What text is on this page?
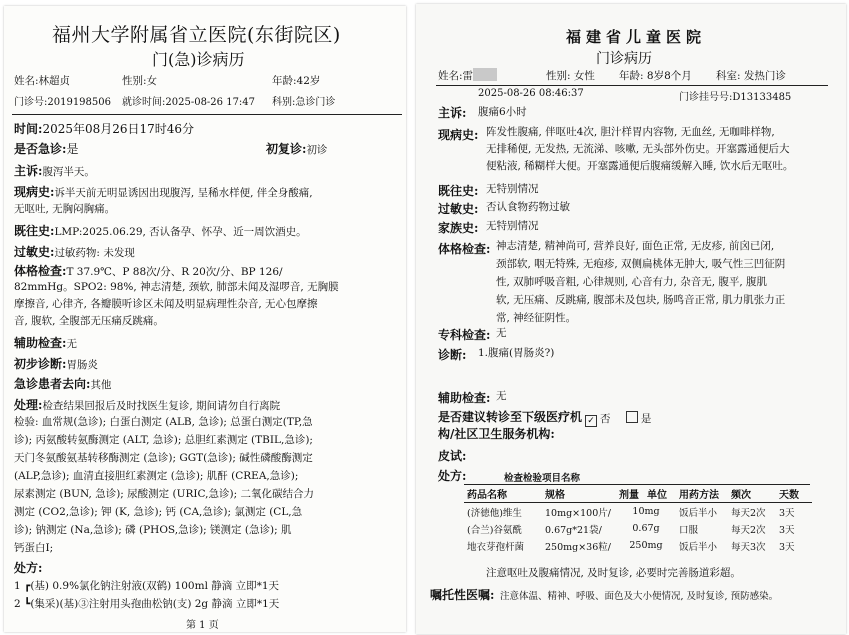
福州大学附属省立医院(东街院区)
门(急)诊病历
姓名:林超贞	性别:女	年龄:42岁
门诊号:2019198506 就诊时间:2025-08-26 17:47 科别:急诊门诊
时间:2025年08月26日17时46分
是否急诊:是	初复诊:初诊
主诉:腹泻半天。
现病史:诉半天前无明显诱因出现腹泻, 呈稀水样便, 伴全身酸痛,
无呕吐, 无胸闷胸痛。
既往史:LMP:2025.06.29, 否认备孕、怀孕、近一周饮酒史。
过敏史:过敏药物: 未发现
体格检查:T 37.9℃、P 88次/分、R 20次/分、BP 126/
82mmHg。SPO2: 98%, 神志清楚, 颈软, 肺部未闻及湿啰音, 无胸膜
摩擦音, 心律齐, 各瓣膜听诊区未闻及明显病理性杂音, 无心包摩擦
音, 腹软, 全腹部无压痛反跳痛。
辅助检查:无
初步诊断:胃肠炎
急诊患者去向:其他
处理:检查结果回报后及时找医生复诊, 期间请勿自行离院
检验: 血常规(急诊); 白蛋白测定 (ALB, 急诊); 总蛋白测定(TP,急
诊); 丙氨酸转氨酶测定 (ALT, 急诊); 总胆红素测定 (TBIL,急诊);
天门冬氨酸氨基转移酶测定 (急诊); GGT(急诊); 碱性磷酸酶测定
(ALP,急诊); 血清直接胆红素测定 (急诊); 肌酐 (CREA,急诊);
尿素测定 (BUN, 急诊); 尿酸测定 (URIC,急诊); 二氧化碳结合力
测定 (CO2,急诊); 钾 (K, 急诊); 钙 (CA,急诊); 氯测定 (CL,急
诊); 钠测定 (Na,急诊); 磷 (PHOS,急诊); 镁测定 (急诊); 肌
钙蛋白I;
处方:
1 ┏(基) 0.9%氯化钠注射液(双鹤) 100ml 静滴 立即*1天
2 ┗(集采)(基)③注射用头孢曲松钠(支) 2g 静滴 立即*1天
第 1 页
福建省儿童医院
门诊病历
姓名:雷	性别: 女性 年龄: 8岁8个月 科室: 发热门诊
2025-08-26 08:46:37	门诊挂号号:D13133485
主诉: 腹痛6小时
现病史: 阵发性腹痛, 伴呕吐4次, 胆汁样胃内容物, 无血丝, 无咖啡样物,
无排稀便, 无发热, 无流涕、咳嗽, 无头部外伤史。开塞露通便后大
便粘液, 稀糊样大便。开塞露通便后腹痛缓解入睡, 饮水后无呕吐。
既往史: 无特别情况
过敏史: 否认食物药物过敏
家族史: 无特别情况
体格检查: 神志清楚, 精神尚可, 营养良好, 面色正常, 无皮疹, 前囟已闭,
颈部软, 咽无特殊, 无疱疹, 双侧扁桃体无肿大, 吸气性三凹征阴
性, 双肺呼吸音粗, 心律规则, 心音有力, 杂音无, 腹平, 腹肌
软, 无压痛、反跳痛, 腹部未及包块, 肠鸣音正常, 肌力肌张力正
常, 神经征阴性。
专科检查: 无
诊断: 1.腹痛(胃肠炎?)
辅助检查: 无
是否建议转诊至下级医疗机
构/社区卫生服务机构:
✓ 否	是
皮试:
处方:	检查检验项目名称
药品名称	规格	剂量	单位	用药方法	频次	天数
(济徳他)维生	10mg×100片/	10mg		饭后半小	每天2次	3天
(合兰)谷氨酰	0.67g*21袋/	0.67g		口服	每天2次	3天
地衣芽孢杆菌	250mg×36粒/	250mg		饭后半小	每天3次	3天
注意呕吐及腹痛情况, 及时复诊, 必要时完善肠道彩超。
嘱托性医嘱: 注意体温、精神、呼吸、面色及大小便情况, 及时复诊, 预防感染。
